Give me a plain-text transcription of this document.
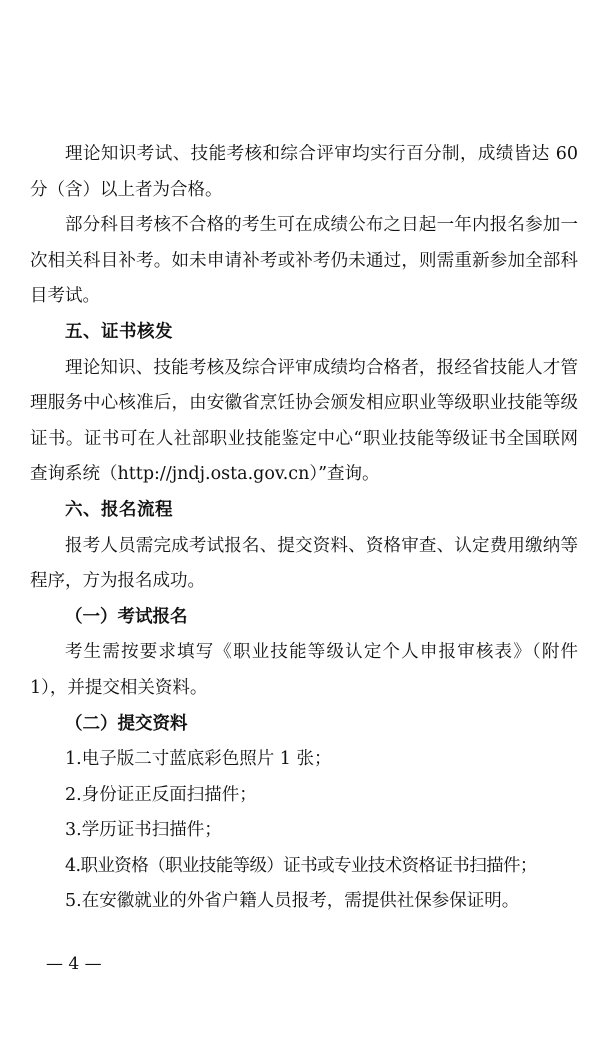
理论知识考试、技能考核和综合评审均实行百分制，成绩皆达 60 分（含）以上者为合格。

部分科目考核不合格的考生可在成绩公布之日起一年内报名参加一次相关科目补考。如未申请补考或补考仍未通过，则需重新参加全部科目考试。

五、证书核发

理论知识、技能考核及综合评审成绩均合格者，报经省技能人才管理服务中心核准后，由安徽省烹饪协会颁发相应职业等级职业技能等级证书。证书可在人社部职业技能鉴定中心“职业技能等级证书全国联网查询系统（http://jndj.osta.gov.cn）”查询。

六、报名流程

报考人员需完成考试报名、提交资料、资格审查、认定费用缴纳等程序，方为报名成功。

（一）考试报名

考生需按要求填写《职业技能等级认定个人申报审核表》（附件 1），并提交相关资料。

（二）提交资料

1.电子版二寸蓝底彩色照片 1 张；

2.身份证正反面扫描件；

3.学历证书扫描件；

4.职业资格（职业技能等级）证书或专业技术资格证书扫描件；

5.在安徽就业的外省户籍人员报考，需提供社保参保证明。

— 4 —
